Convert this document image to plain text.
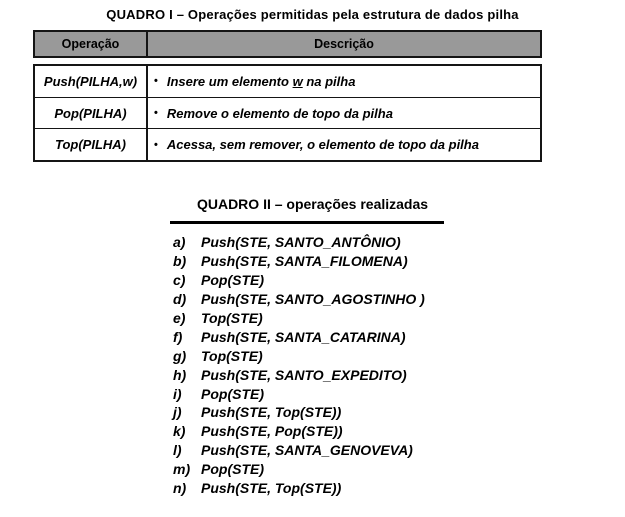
QUADRO I – Operações permitidas pela estrutura de dados pilha
Operação	Descrição
Push(PILHA,w)	• Insere um elemento w na pilha
Pop(PILHA)	• Remove o elemento de topo da pilha
Top(PILHA)	• Acessa, sem remover, o elemento de topo da pilha
QUADRO II – operações realizadas
a)	Push(STE, SANTO_ANTÔNIO)
b)	Push(STE, SANTA_FILOMENA)
c)	Pop(STE)
d)	Push(STE, SANTO_AGOSTINHO )
e)	Top(STE)
f)	Push(STE, SANTA_CATARINA)
g)	Top(STE)
h)	Push(STE, SANTO_EXPEDITO)
i)	Pop(STE)
j)	Push(STE, Top(STE))
k)	Push(STE, Pop(STE))
l)	Push(STE, SANTA_GENOVEVA)
m) Pop(STE)
n)	Push(STE, Top(STE))
